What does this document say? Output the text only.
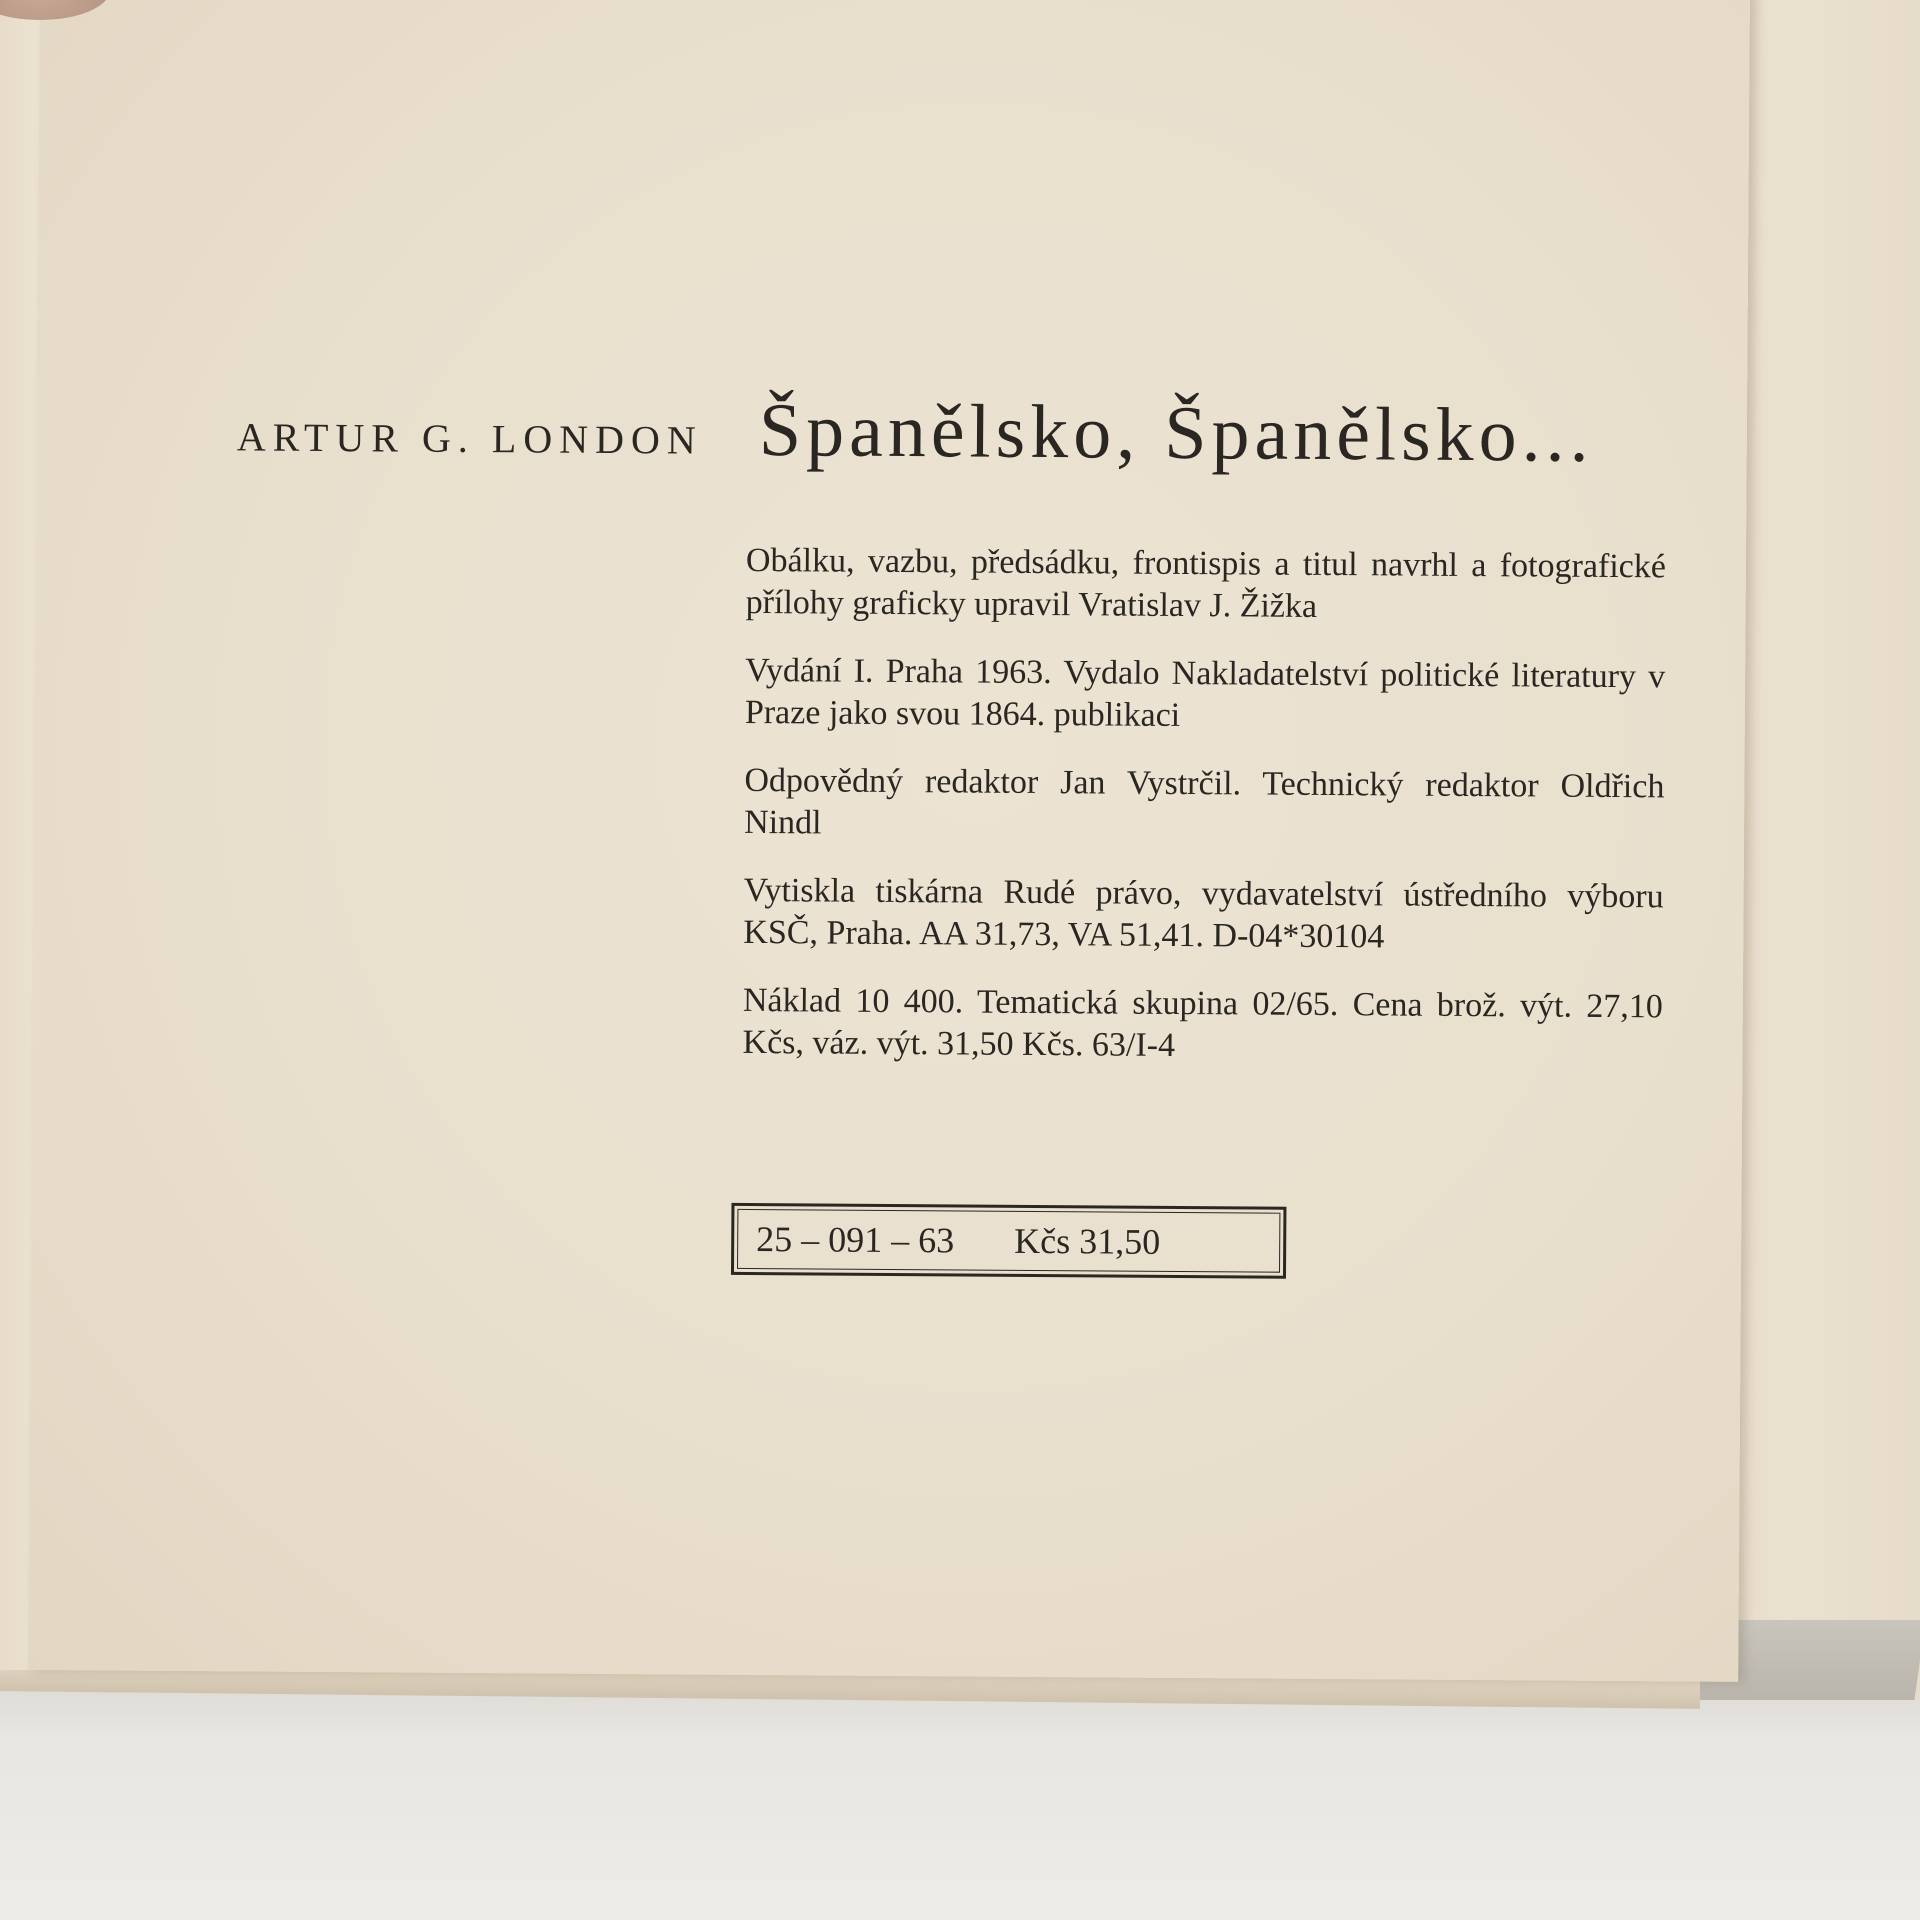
ARTUR G. LONDON Španělsko, Španělsko...

Obálku, vazbu, předsádku, frontispis a titul navrhl a fotografické přílohy graficky upravil Vratislav J. Žižka

Vydání I. Praha 1963. Vydalo Nakladatelství politické literatury v Praze jako svou 1864. publikaci

Odpovědný redaktor Jan Vystrčil. Technický redaktor Oldřich Nindl

Vytiskla tiskárna Rudé právo, vydavatelství ústředního výboru KSČ, Praha. AA 31,73, VA 51,41. D-04*30104

Náklad 10 400. Tematická skupina 02/65. Cena brož. výt. 27,10 Kčs, váz. výt. 31,50 Kčs. 63/I-4

25 – 091 – 63 Kčs 31,50
